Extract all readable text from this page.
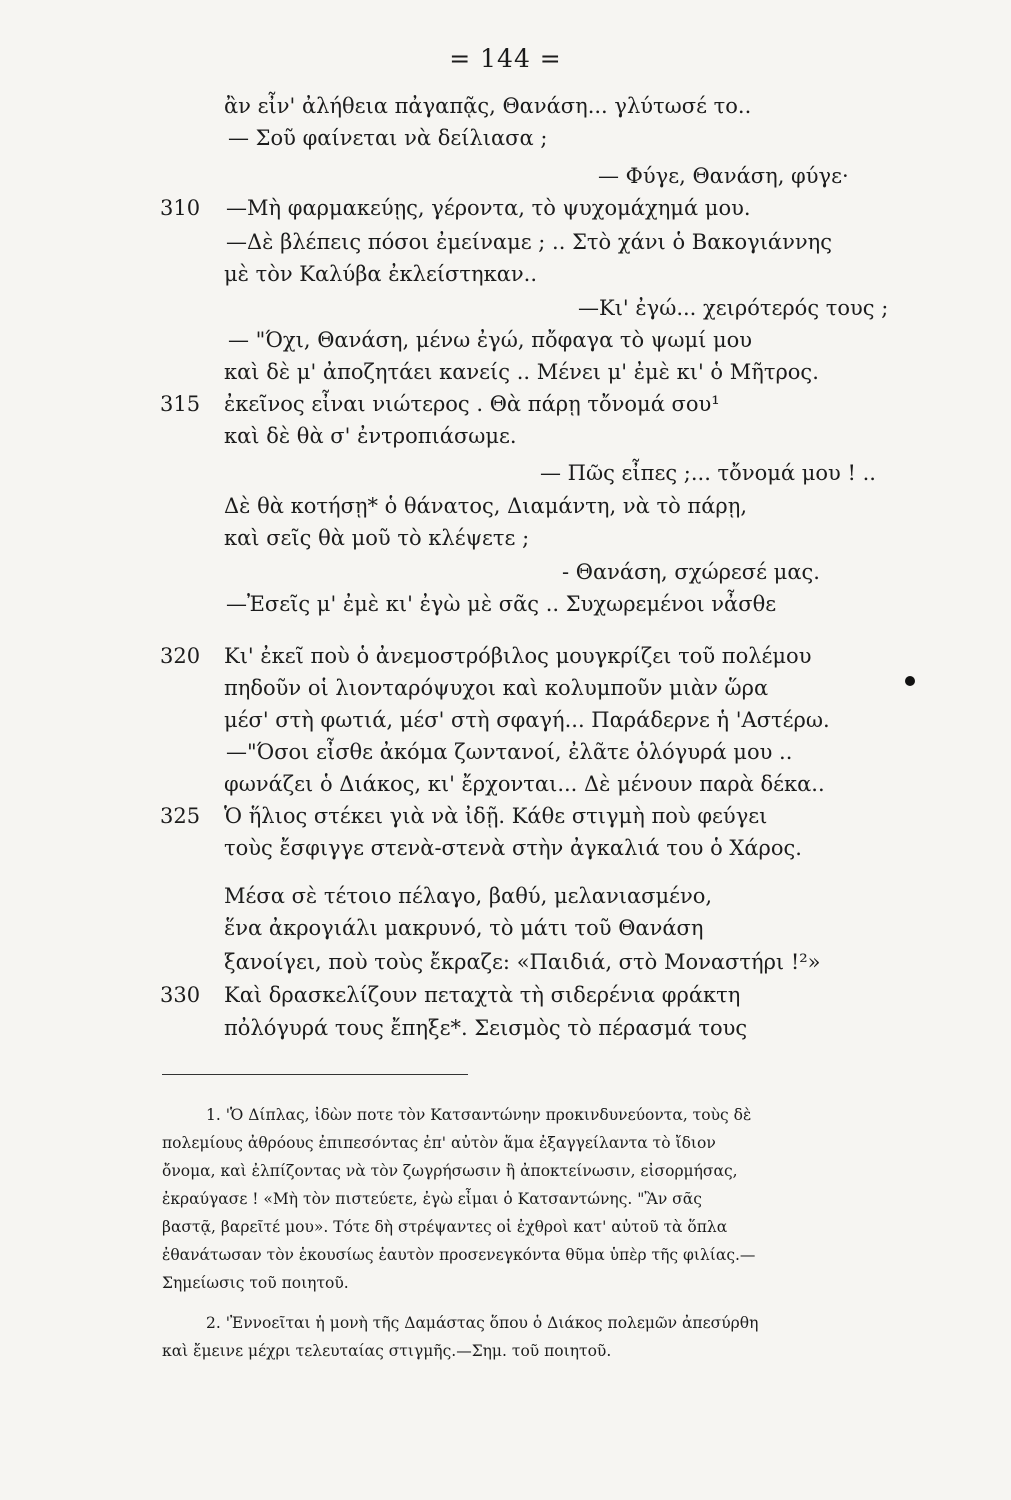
= 144 =
ἂν εἶν' ἀλήθεια πἀγαπᾷς, Θανάση... γλύτωσέ το..
— Σοῦ φαίνεται νὰ δείλιασα ;
— Φύγε, Θανάση, φύγε·
310	—Μὴ φαρμακεύῃς, γέροντα, τὸ ψυχομάχημά μου.
—Δὲ βλέπεις πόσοι ἐμείναμε ; .. Στὸ χάνι ὁ Βακογιάννης
μὲ τὸν Καλύβα ἐκλείστηκαν..
—Κι' ἐγώ... χειρότερός τους ;
— "Όχι, Θανάση, μένω ἐγώ, πὄφαγα τὸ ψωμί μου
καὶ δὲ μ' ἀποζητάει κανείς .. Μένει μ' ἐμὲ κι' ὁ Μῆτρος.
315	ἐκεῖνος εἶναι νιώτερος . Θὰ πάρῃ τὄνομά σου¹
καὶ δὲ θὰ σ' ἐντροπιάσωμε.
— Πῶς εἶπες ;... τὄνομά μου ! ..
Δὲ θὰ κοτήσῃ* ὁ θάνατος, Διαμάντη, νὰ τὸ πάρῃ,
καὶ σεῖς θὰ μοῦ τὸ κλέψετε ;
- Θανάση, σχώρεσέ μας.
—Ἐσεῖς μ' ἐμὲ κι' ἐγὼ μὲ σᾶς .. Συχωρεμένοι νἆσθε
320	Κι' ἐκεῖ ποὺ ὁ ἀνεμοστρόβιλος μουγκρίζει τοῦ πολέμου
πηδοῦν οἱ λιονταρόψυχοι καὶ κολυμποῦν μιὰν ὥρα
μέσ' στὴ φωτιά, μέσ' στὴ σφαγή... Παράδερνε ἡ 'Αστέρω.
—"Όσοι εἶσθε ἀκόμα ζωντανοί, ἐλᾶτε ὁλόγυρά μου ..
φωνάζει ὁ Διάκος, κι' ἔρχονται... Δὲ μένουν παρὰ δέκα..
325	Ὁ ἥλιος στέκει γιὰ νὰ ἰδῇ. Κάθε στιγμὴ ποὺ φεύγει
τοὺς ἔσφιγγε στενὰ-στενὰ στὴν ἀγκαλιά του ὁ Χάρος.
Μέσα σὲ τέτοιο πέλαγο, βαθύ, μελανιασμένο,
ἕνα ἀκρογιάλι μακρυνό, τὸ μάτι τοῦ Θανάση
ξανοίγει, ποὺ τοὺς ἔκραζε: «Παιδιά, στὸ Μοναστήρι !²»
330	Καὶ δρασκελίζουν πεταχτὰ τὴ σιδερένια φράκτη
πὀλόγυρά τους ἔπηξε*. Σεισμὸς τὸ πέρασμά τους
1. 'Ὁ Δίπλας, ἰδὼν ποτε τὸν Κατσαντώνην προκινδυνεύοντα, τοὺς δὲ
πολεμίους ἀθρόους ἐπιπεσόντας ἐπ' αὐτὸν ἅμα ἐξαγγείλαντα τὸ ἴδιον
ὄνομα, καὶ ἐλπίζοντας νὰ τὸν ζωγρήσωσιν ἢ ἀποκτείνωσιν, εἰσορμήσας,
ἐκραύγασε ! «Μὴ τὸν πιστεύετε, ἐγὼ εἶμαι ὁ Κατσαντώνης. "Ἂν σᾶς
βαστᾷ, βαρεῖτέ μου». Τότε δὴ στρέψαντες οἱ ἐχθροὶ κατ' αὐτοῦ τὰ ὅπλα
ἐθανάτωσαν τὸν ἑκουσίως ἑαυτὸν προσενεγκόντα θῦμα ὑπὲρ τῆς φιλίας.—
Σημείωσις τοῦ ποιητοῦ.
2. 'Ἐννοεῖται ἡ μονὴ τῆς Δαμάστας ὅπου ὁ Διάκος πολεμῶν ἀπεσύρθη
καὶ ἔμεινε μέχρι τελευταίας στιγμῆς.—Σημ. τοῦ ποιητοῦ.
